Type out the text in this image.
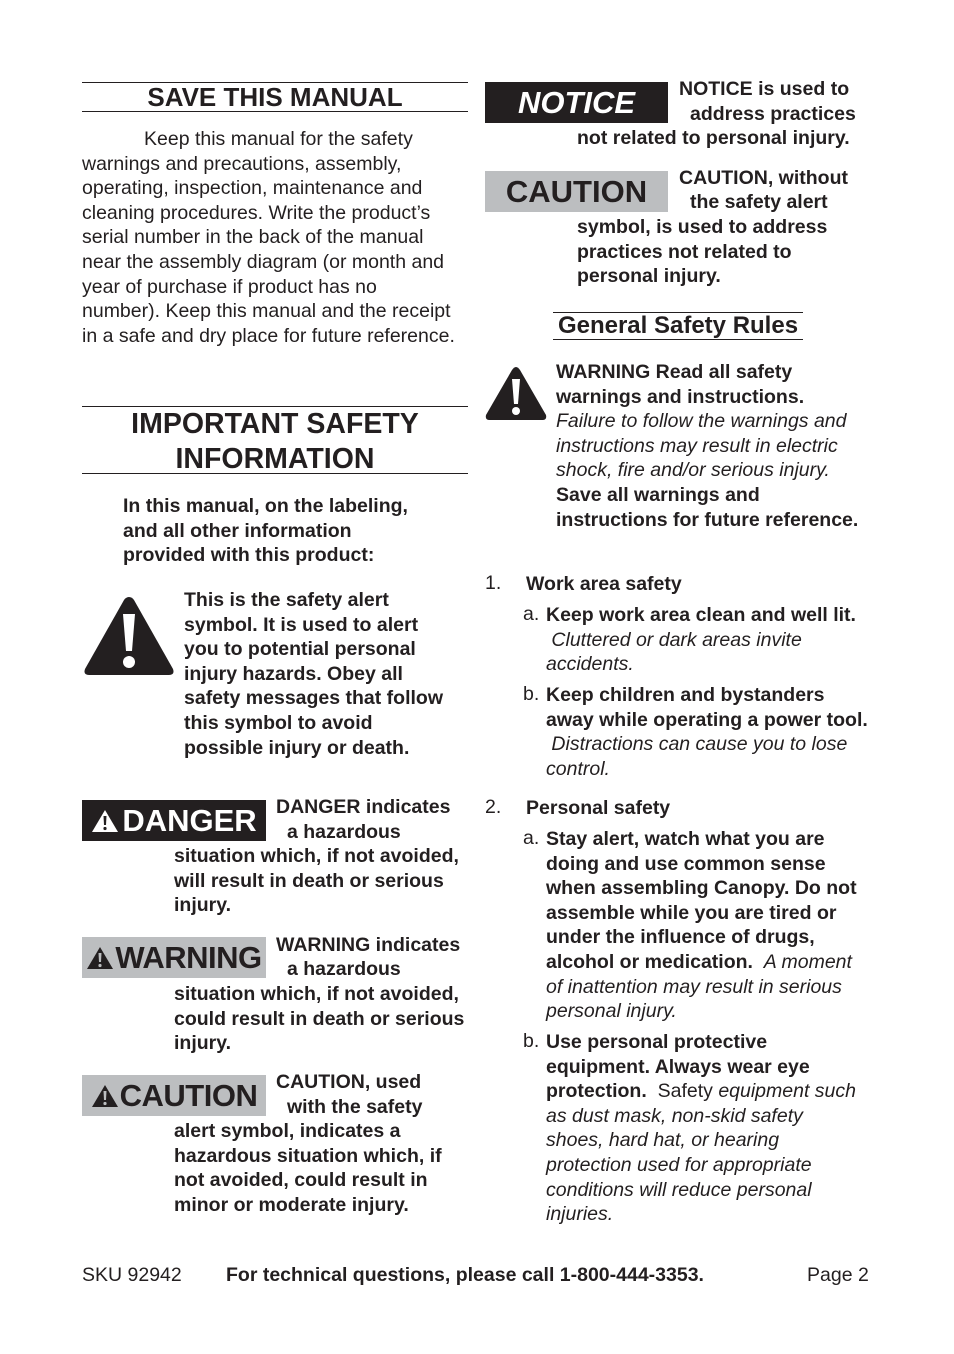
SAVE THIS MANUAL
Keep this manual for the safety warnings and precautions, assembly, operating, inspection, maintenance and cleaning procedures. Write the product’s serial number in the back of the manual near the assembly diagram (or month and year of purchase if product has no number). Keep this manual and the receipt in a safe and dry place for future reference.
IMPORTANT SAFETY
INFORMATION
In this manual, on the labeling, and all other information provided with this product:
This is the safety alert symbol. It is used to alert you to potential personal injury hazards. Obey all safety messages that follow this symbol to avoid possible injury or death.
DANGER DANGER indicates
a hazardous
situation which, if not avoided, will result in death or serious injury.
WARNING WARNING indicates
a hazardous
situation which, if not avoided, could result in death or serious injury.
CAUTION CAUTION, used
with the safety
alert symbol, indicates a hazardous situation which, if not avoided, could result in minor or moderate injury.
NOTICE NOTICE is used to
address practices
not related to personal injury.
CAUTION CAUTION, without
the safety alert
symbol, is used to address practices not related to personal injury.
General Safety Rules
WARNING Read all safety warnings and instructions.
Failure to follow the warnings and instructions may result in electric shock, fire and/or serious injury.
Save all warnings and instructions for future reference.
1. Work area safety
a. Keep work area clean and well lit.  Cluttered or dark areas invite accidents.
b. Keep children and bystanders away while operating a power tool.  Distractions can cause you to lose control.
2. Personal safety
a. Stay alert, watch what you are doing and use common sense when assembling Canopy. Do not assemble while you are tired or under the influence of drugs, alcohol or medication. A moment of inattention may result in serious personal injury.
b. Use personal protective equipment. Always wear eye protection. Safety equipment such as dust mask, non-skid safety shoes, hard hat, or hearing protection used for appropriate conditions will reduce personal injuries.
SKU 92942 For technical questions, please call 1-800-444-3353.	Page 2
